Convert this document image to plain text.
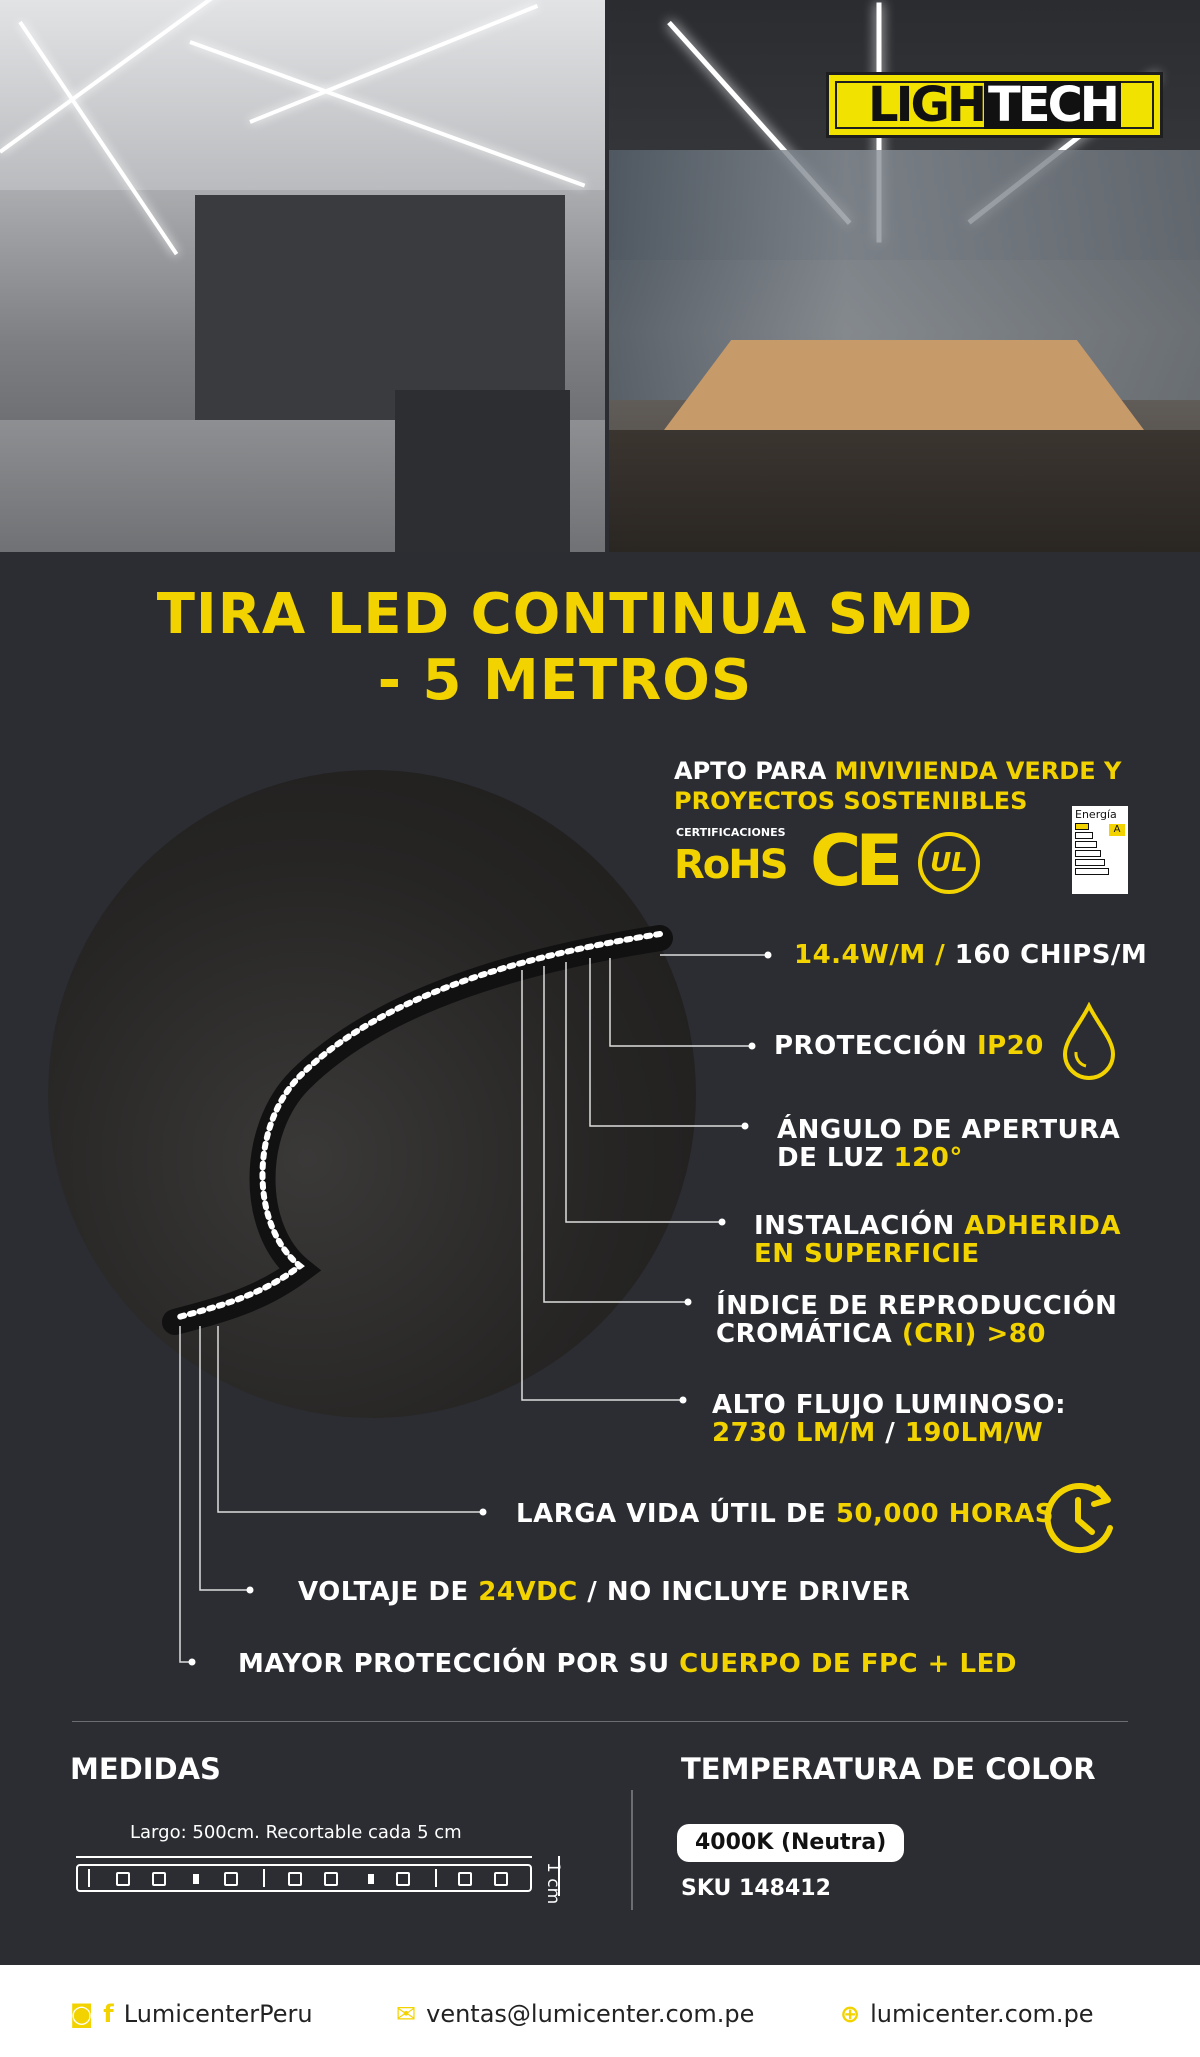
LIGH TECH
TIRA LED CONTINUA SMD
- 5 METROS
APTO PARA MIVIVIENDA VERDE Y
PROYECTOS SOSTENIBLES
CERTIFICACIONES
RoHS CE	UL
Energía
A
14.4W/M / 160 CHIPS/M
PROTECCIÓN IP20
ÁNGULO DE APERTURA
DE LUZ 120°
INSTALACIÓN ADHERIDA
EN SUPERFICIE
ÍNDICE DE REPRODUCCIÓN
CROMÁTICA (CRI) >80
ALTO FLUJO LUMINOSO:
2730 LM/M / 190LM/W
LARGA VIDA ÚTIL DE 50,000 HORAS
VOLTAJE DE 24VDC / NO INCLUYE DRIVER
MAYOR PROTECCIÓN POR SU CUERPO DE FPC + LED
MEDIDAS
Largo: 500cm. Recortable cada 5 cm
1 cm
TEMPERATURA DE COLOR
4000K (Neutra)
SKU 148412
◙ f LumicenterPeru	✉ ventas@lumicenter.com.pe	⊕ lumicenter.com.pe
